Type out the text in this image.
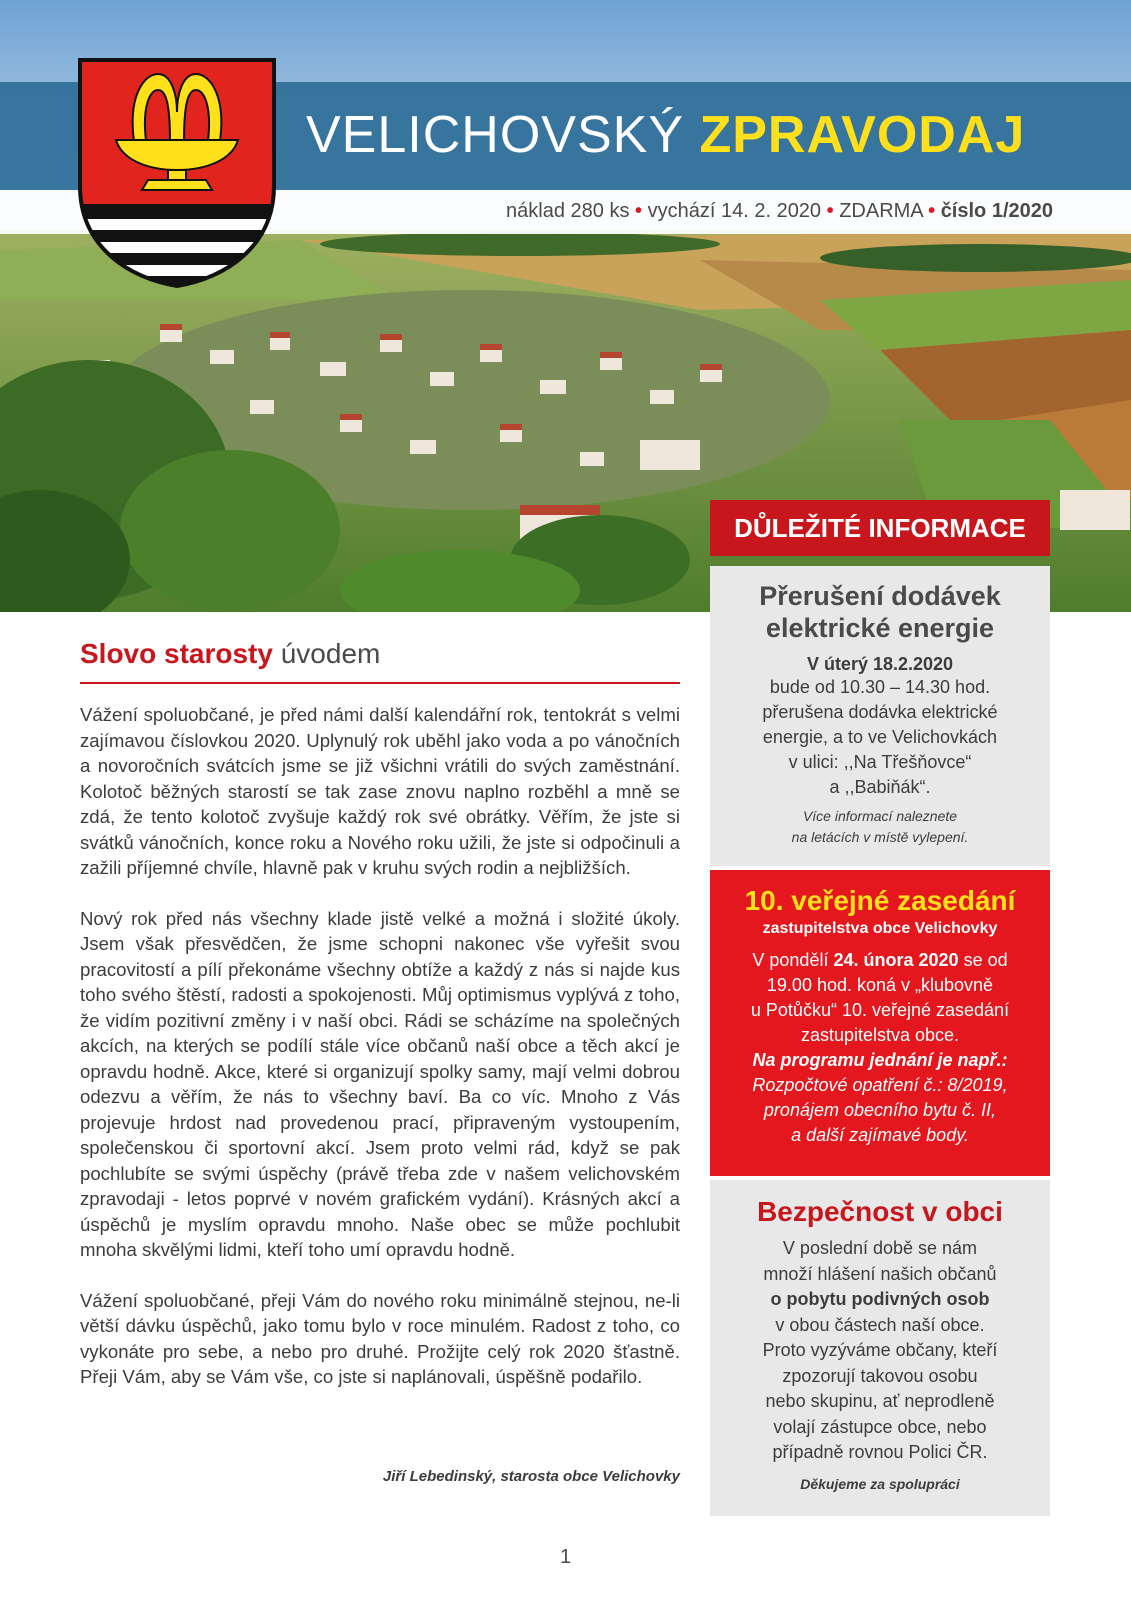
VELICHOVSKÝ ZPRAVODAJ
náklad 280 ks • vychází 14. 2. 2020 • ZDARMA • číslo 1/2020
Slovo starosty úvodem

Vážení spoluobčané, je před námi další kalendářní rok, tentokrát s velmi zajímavou číslovkou 2020. Uplynulý rok uběhl jako voda a po vánočních a novoročních svátcích jsme se již všichni vrátili do svých zaměstnání. Kolotoč běžných starostí se tak zase znovu naplno rozběhl a mně se zdá, že tento kolotoč zvyšuje každý rok své obrátky. Věřím, že jste si svátků vánočních, konce roku a Nového roku užili, že jste si odpočinuli a zažili příjemné chvíle, hlavně pak v kruhu svých rodin a nejbližších.

Nový rok před nás všechny klade jistě velké a možná i složité úkoly. Jsem však přesvědčen, že jsme schopni nakonec vše vyřešit svou pracovitostí a pílí překonáme všechny obtíže a každý z nás si najde kus toho svého štěstí, radosti a spokojenosti. Můj optimismus vyplývá z toho, že vidím pozitivní změny i v naší obci. Rádi se scházíme na společných akcích, na kterých se podílí stále více občanů naší obce a těch akcí je opravdu hodně. Akce, které si organizují spolky samy, mají velmi dobrou odezvu a věřím, že nás to všechny baví. Ba co víc. Mnoho z Vás projevuje hrdost nad provedenou prací, připraveným vystoupením, společenskou či sportovní akcí. Jsem proto velmi rád, když se pak pochlubíte se svými úspěchy (právě třeba zde v našem velichovském zpravodaji - letos poprvé v novém grafickém vydání). Krásných akcí a úspěchů je myslím opravdu mnoho. Naše obec se může pochlubit mnoha skvělými lidmi, kteří toho umí opravdu hodně.

Vážení spoluobčané, přeji Vám do nového roku minimálně stejnou, ne-li větší dávku úspěchů, jako tomu bylo v roce minulém. Radost z toho, co vykonáte pro sebe, a nebo pro druhé. Prožijte celý rok 2020 šťastně. Přeji Vám, aby se Vám vše, co jste si naplánovali, úspěšně podařilo.

Jiří Lebedinský, starosta obce Velichovky
DŮLEŽITÉ INFORMACE
Přerušení dodávek
elektrické energie
V úterý 18.2.2020
bude od 10.30 – 14.30 hod.
přerušena dodávka elektrické
energie, a to ve Velichovkách
v ulici: ,,Na Třešňovce“
a ,,Babiňák“.
Více informací naleznete
na letácích v místě vylepení.
10. veřejné zasedání
zastupitelstva obce Velichovky
V pondělí 24. února 2020 se od
19.00 hod. koná v „klubovně
u Potůčku“ 10. veřejné zasedání
zastupitelstva obce.
Na programu jednání je např.:
Rozpočtové opatření č.: 8/2019,
pronájem obecního bytu č. II,
a další zajímavé body.
Bezpečnost v obci
V poslední době se nám
množí hlášení našich občanů
o pobytu podivných osob
v obou částech naší obce.
Proto vyzýváme občany, kteří
zpozorují takovou osobu
nebo skupinu, ať neprodleně
volají zástupce obce, nebo
případně rovnou Polici ČR.
Děkujeme za spolupráci
1
